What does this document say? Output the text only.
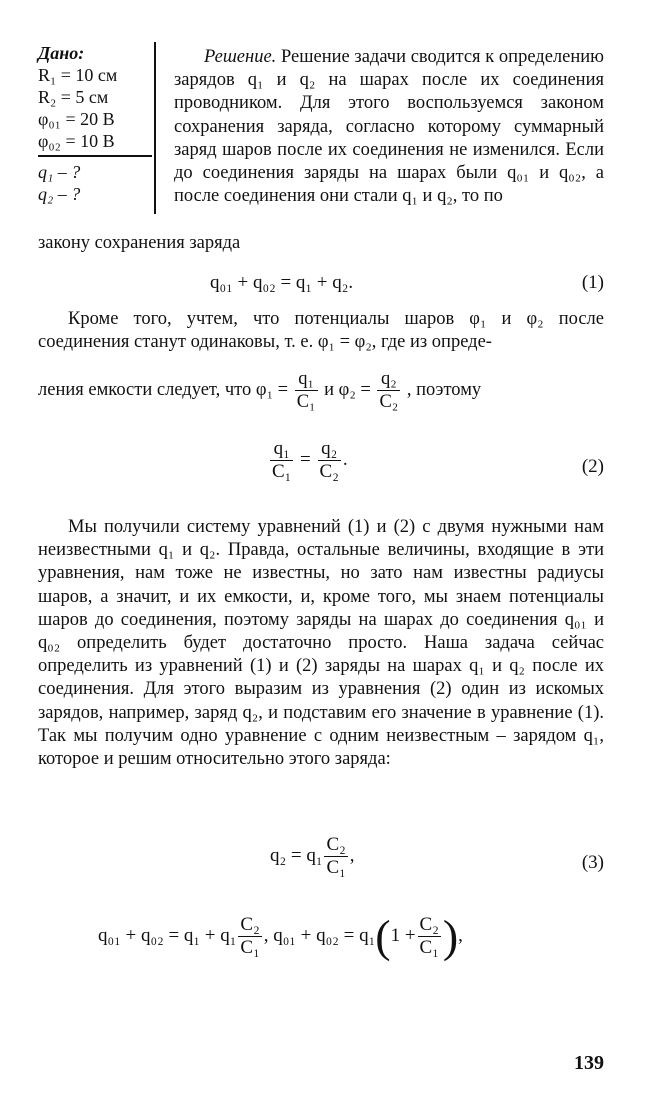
Дано:
R₁ = 10 см
R₂ = 5 см
φ₀₁ = 20 В
φ₀₂ = 10 В
q₁ – ?
q₂ – ?
Решение. Решение задачи сводится к определению зарядов q₁ и q₂ на шарах после их соединения проводником. Для этого воспользуемся законом сохранения заряда, согласно которому суммарный заряд шаров после их соединения не изменился. Если до соединения заряды на шарах были q₀₁ и q₀₂, а после соединения они стали q₁ и q₂, то по
закону сохранения заряда
q₀₁ + q₀₂ = q₁ + q₂.	(1)
Кроме того, учтем, что потенциалы шаров φ₁ и φ₂ после соединения станут одинаковы, т. е. φ₁ = φ₂, где из опреде-
ления емкости следует, что $\varphi_1 = \frac{\text{q₁}}{\text{C₁}}$ и $\varphi_2 = \frac{\text{q₂}}{\text{C₂}}$ , поэтому
$\frac{\text{q₁}}{\text{C₁}} = \frac{\text{q₂}}{\text{C₂}}$ .	(2)
Мы получили систему уравнений (1) и (2) с двумя нужными нам неизвестными q₁ и q₂. Правда, остальные величины, входящие в эти уравнения, нам тоже не известны, но зато нам известны радиусы шаров, а значит, и их емкости, и, кроме того, мы знаем потенциалы шаров до соединения, поэтому заряды на шарах до соединения q₀₁ и q₀₂ определить будет достаточно просто. Наша задача сейчас определить из уравнений (1) и (2) заряды на шарах q₁ и q₂ после их соединения. Для этого выразим из уравнения (2) один из искомых зарядов, например, заряд q₂, и подставим его значение в уравнение (1). Так мы получим одно уравнение с одним неизвестным – зарядом q₁, которое и решим относительно этого заряда:
$q_2 = q_1 \frac{\text{C₂}}{\text{C₁}}$ ,	(3)
$q_{01} + q_{02} = q_1 + q_1 \frac{\text{C₂}}{\text{C₁}}$ , $q_{01} + q_{02} = q_1(1 + \frac{\text{C₂}}{\text{C₁}}$ ),
139
